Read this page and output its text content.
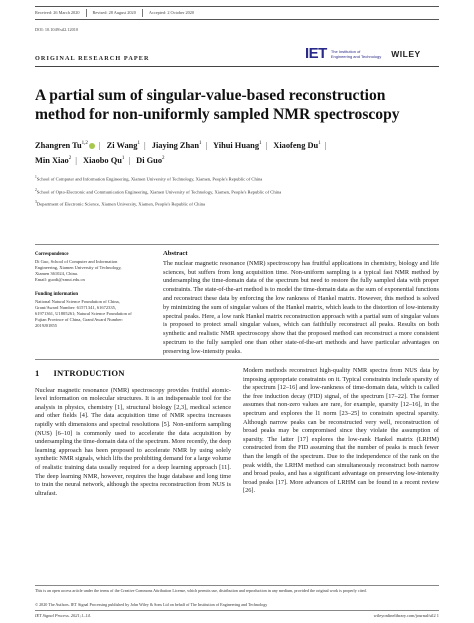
Received: 26 March 2020	Revised: 28 August 2020	Accepted: 2 October 2020
DOI: 10.1049/sil2.12010
ORIGINAL RESEARCH PAPER	IET The Institution of
Engineering and Technology WILEY
A partial sum of singular-value-based reconstruction method for non-uniformly sampled NMR spectroscopy
Zhangren Tu$^{1,2}$ | Zi Wang$^1$ | Jiaying Zhan$^1$ | Yihui Huang$^1$ | Xiaofeng Du$^1$ |
Min Xiao$^2$ | Xiaobo Qu$^1$ | Di Guo$^2$
$^1$School of Computer and Information Engineering, Xiamen University of Technology, Xiamen, People's Republic of China
$^2$School of Opto-Electronic and Communication Engineering, Xiamen University of Technology, Xiamen, People's Republic of China
$^3$Department of Electronic Science, Xiamen University, Xiamen, People's Republic of China
Correspondence
Di Guo, School of Computer and Information
Engineering, Xiamen University of Technology,
Xiamen 361024, China.
Email: guodi@xmut.edu.cn
Funding information
National Natural Science Foundation of China,
Grant/Award Number: 61571341, 61672335,
61971361, U1805261; Natural Science Foundation of
Fujian Province of China, Grant/Award Number:
2019J01855
Abstract

The nuclear magnetic resonance (NMR) spectroscopy has fruitful applications in chemistry, biology and life sciences, but suffers from long acquisition time. Non-uniform sampling is a typical fast NMR method by undersampling the time-domain data of the spectrum but need to restore the fully sampled data with proper constraints. The state-of-the-art method is to model the time-domain data as the sum of exponential functions and reconstruct these data by enforcing the low rankness of Hankel matrix. However, this method is solved by minimizing the sum of singular values of the Hankel matrix, which leads to the distortion of low-intensity spectral peaks. Here, a low rank Hankel matrix reconstruction approach with a partial sum of singular values is proposed to protect small singular values, which can faithfully reconstruct all peaks. Results on both synthetic and realistic NMR spectroscopy show that the proposed method can reconstruct a more consistent spectrum to the fully sampled one than other state-of-the-art methods and have particular advantages on preserving low-intensity peaks.

1 INTRODUCTION

Nuclear magnetic resonance (NMR) spectroscopy provides fruitful atomic-level information on molecular structures. It is an indispensable tool for the analysis in physics, chemistry [1], structural biology [2,3], medical science and other fields [4]. The data acquisition time of NMR spectra increases rapidly with dimensions and spectral resolutions [5]. Non-uniform sampling (NUS) [6–10] is commonly used to accelerate the data acquisition by undersampling the time-domain data of the spectrum. More recently, the deep learning approach has been proposed to accelerate NMR by using solely synthetic NMR signals, which lifts the prohibiting demand for a large volume of realistic training data usually required for a deep learning approach [11]. The deep learning NMR, however, requires the huge database and long time to train the neural network, although the spectra reconstruction from NUS is ultrafast.

Modern methods reconstruct high-quality NMR spectra from NUS data by imposing appropriate constraints on it. Typical constraints include sparsity of the spectrum [12–16] and low-rankness of time-domain data, which is called the free induction decay (FID) signal, of the spectrum [17–22]. The former assumes that non-zero values are rare, for example, sparsity [12–16], in the spectrum and explores the l1 norm [23–25] to constrain spectral sparsity. Although narrow peaks can be reconstructed very well, reconstruction of broad peaks may be compromised since they violate the assumption of sparsity. The latter [17] explores the low-rank Hankel matrix (LRHM) constructed from the FID assuming that the number of peaks is much fewer than the length of the spectrum. Due to the independence of the rank on the peak width, the LRHM method can simultaneously reconstruct both narrow and broad peaks, and has a significant advantage on preserving low-intensity broad peaks [17]. More advances of LRHM can be found in a recent review [26].

This is an open access article under the terms of the Creative Commons Attribution License, which permits use, distribution and reproduction in any medium, provided the original work is properly cited.
© 2020 The Authors. IET Signal Processing published by John Wiley & Sons Ltd on behalf of The Institution of Engineering and Technology
IET Signal Process. 2021;1–14.	wileyonlinelibrary.com/journal/sil2 1
